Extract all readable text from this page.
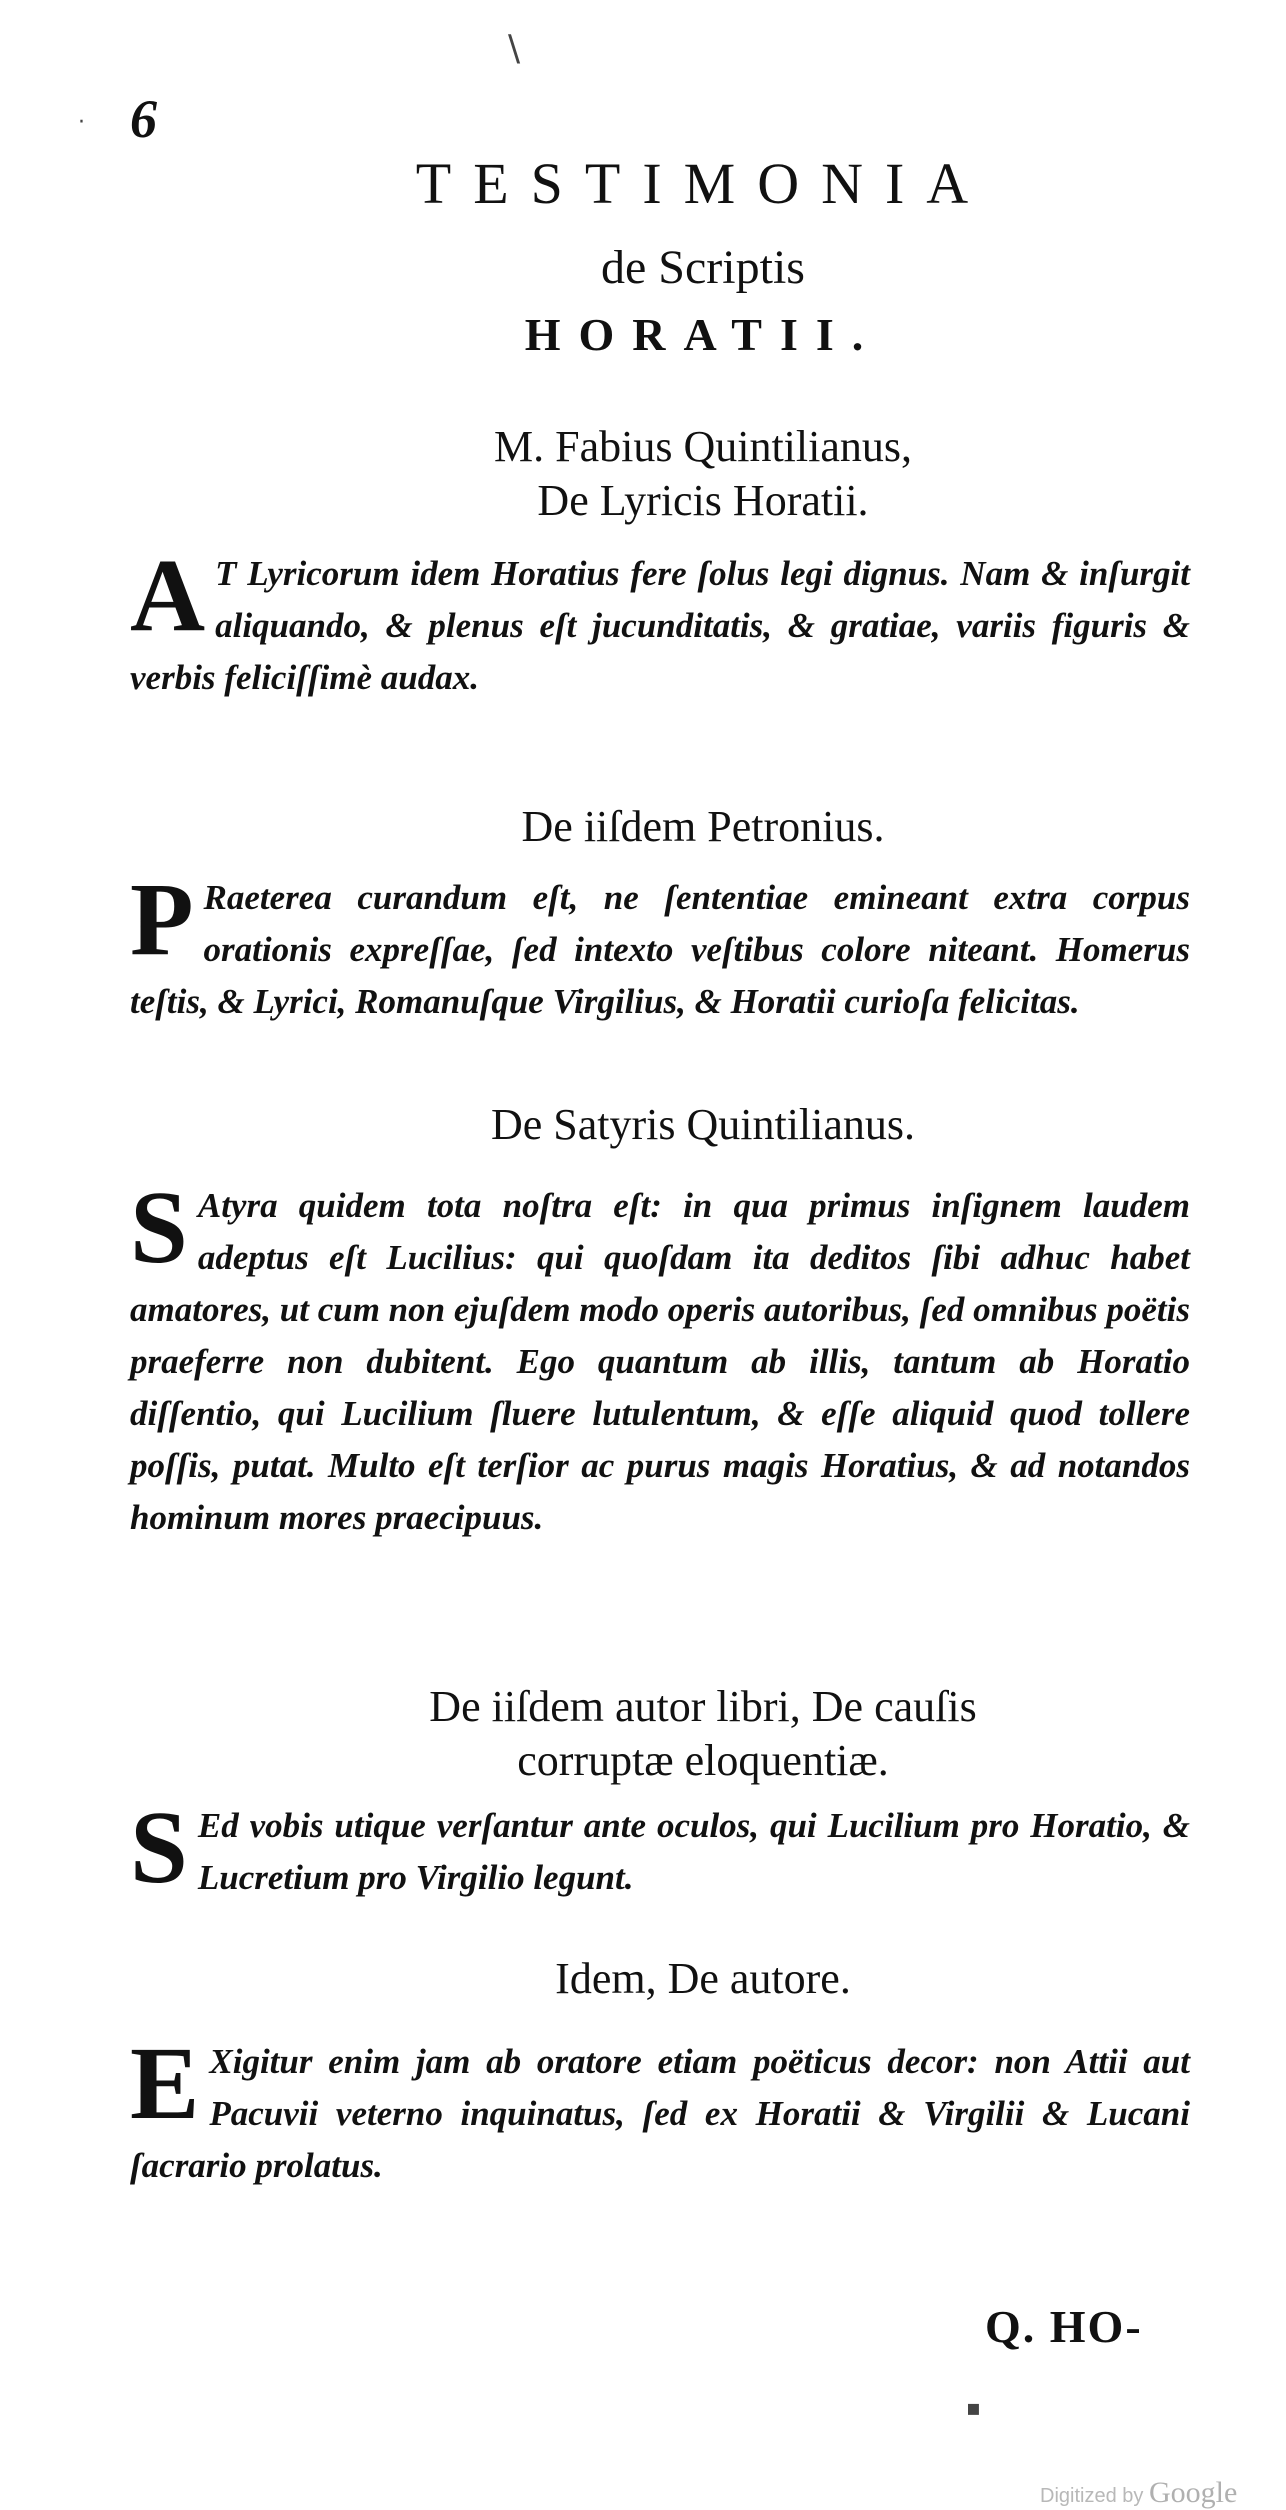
6
TESTIMONIA
de Scriptis
HORATII.
M. Fabius Quintilianus,
De Lyricis Horatii.
A T Lyricorum idem Horatius fere ſolus legi dignus. Nam & inſurgit aliquando, & plenus eſt jucunditatis, & gratiae, variis figuris & verbis feliciſſimè audax.
De iiſdem Petronius.
P Raeterea curandum eſt, ne ſententiae emineant extra corpus orationis expreſſae, ſed intexto veſtibus colore niteant. Homerus teſtis, & Lyrici, Romanuſque Virgilius, & Horatii curioſa felicitas.
De Satyris Quintilianus.
S Atyra quidem tota noſtra eſt: in qua primus inſignem laudem adeptus eſt Lucilius: qui quoſdam ita deditos ſibi adhuc habet amatores, ut cum non ejuſdem modo operis autoribus, ſed omnibus poëtis praeferre non dubitent. Ego quantum ab illis, tantum ab Horatio diſſentio, qui Lucilium ſluere lutulentum, & eſſe aliquid quod tollere poſſis, putat. Multo eſt terſior ac purus magis Horatius, & ad notandos hominum mores praecipuus.
De iiſdem autor libri, De cauſis
corruptæ eloquentiæ.
S Ed vobis utique verſantur ante oculos, qui Lucilium pro Horatio, & Lucretium pro Virgilio legunt.
Idem, De autore.
E Xigitur enim jam ab oratore etiam poëticus decor: non Attii aut Pacuvii veterno inquinatus, ſed ex Horatii & Virgilii & Lucani ſacrario prolatus.
Q. HO-
\
·
▪
Digitized by Google
